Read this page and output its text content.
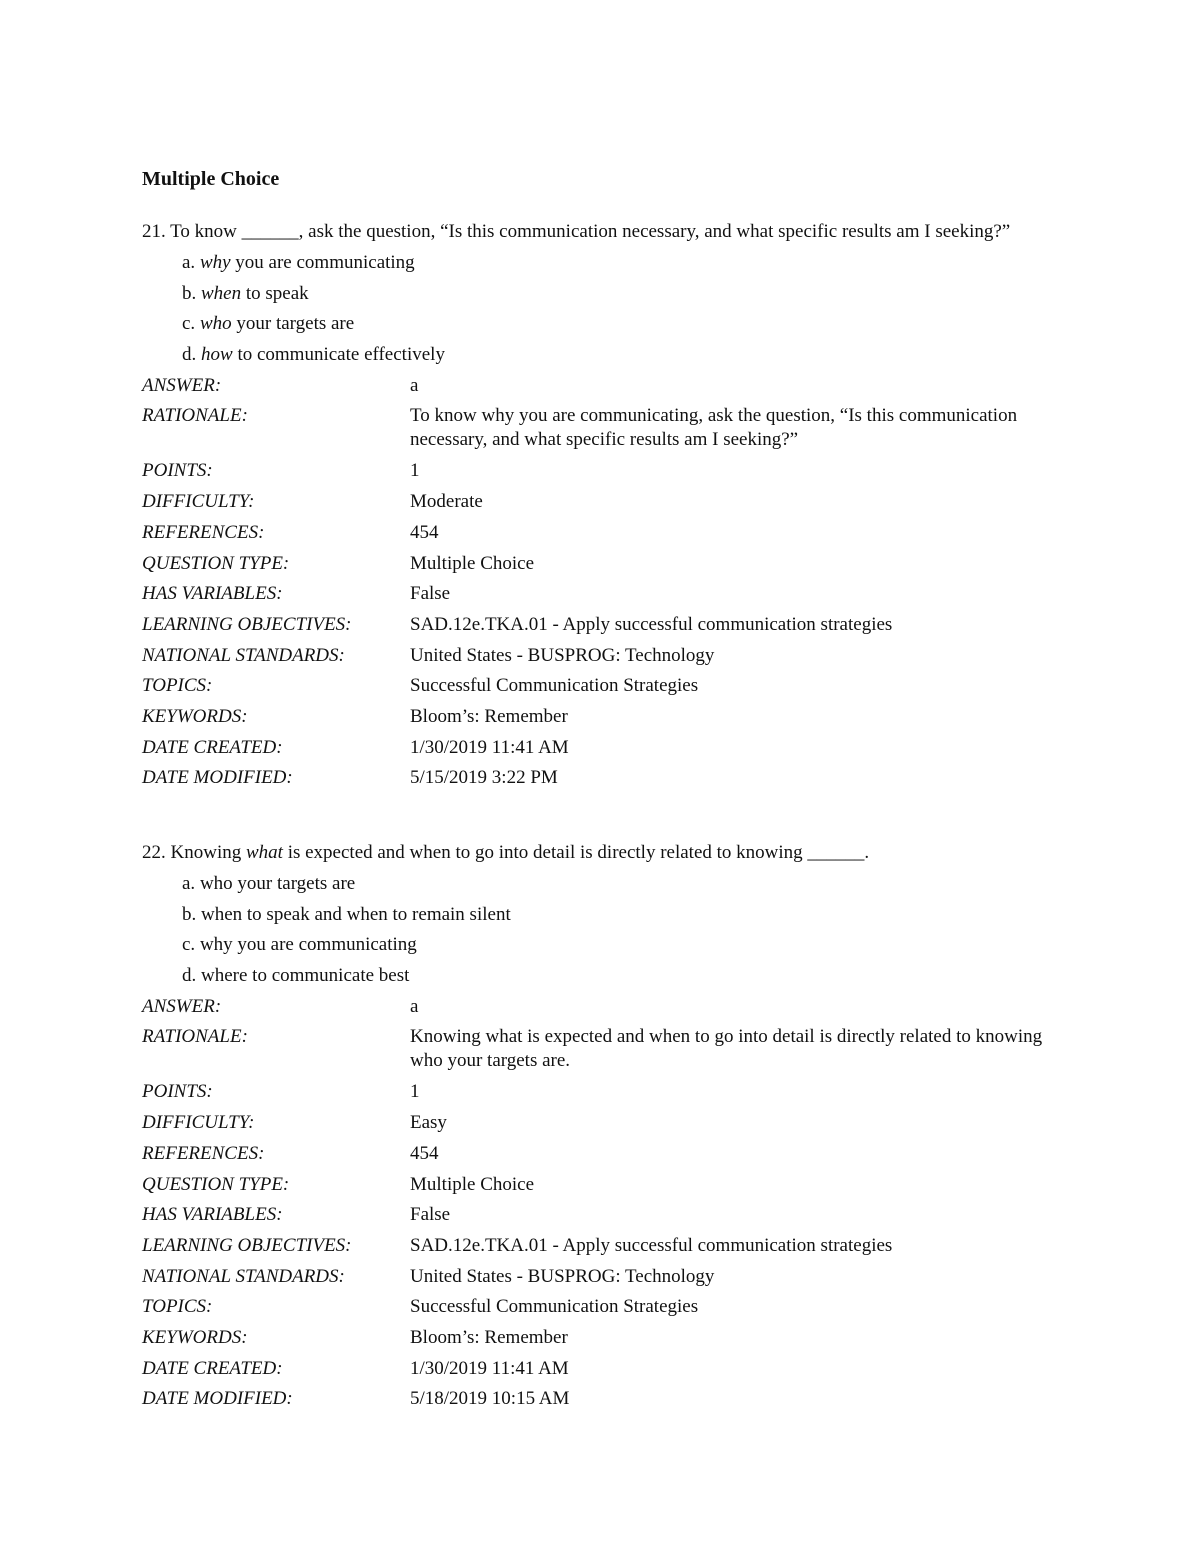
Multiple Choice

21. To know ______, ask the question, “Is this communication necessary, and what specific results am I seeking?”

a. why you are communicating
b. when to speak
c. who your targets are
d. how to communicate effectively
ANSWER:	a
RATIONALE:	To know why you are communicating, ask the question, “Is this communication necessary, and what specific results am I seeking?”
POINTS:	1
DIFFICULTY:	Moderate
REFERENCES:	454
QUESTION TYPE:	Multiple Choice
HAS VARIABLES:	False
LEARNING OBJECTIVES:	SAD.12e.TKA.01 - Apply successful communication strategies
NATIONAL STANDARDS:	United States - BUSPROG: Technology
TOPICS:	Successful Communication Strategies
KEYWORDS:	Bloom’s: Remember
DATE CREATED:	1/30/2019 11:41 AM
DATE MODIFIED:	5/15/2019 3:22 PM

22. Knowing what is expected and when to go into detail is directly related to knowing ______.

a. who your targets are
b. when to speak and when to remain silent
c. why you are communicating
d. where to communicate best
ANSWER:	a
RATIONALE:	Knowing what is expected and when to go into detail is directly related to knowing who your targets are.
POINTS:	1
DIFFICULTY:	Easy
REFERENCES:	454
QUESTION TYPE:	Multiple Choice
HAS VARIABLES:	False
LEARNING OBJECTIVES:	SAD.12e.TKA.01 - Apply successful communication strategies
NATIONAL STANDARDS:	United States - BUSPROG: Technology
TOPICS:	Successful Communication Strategies
KEYWORDS:	Bloom’s: Remember
DATE CREATED:	1/30/2019 11:41 AM
DATE MODIFIED:	5/18/2019 10:15 AM
